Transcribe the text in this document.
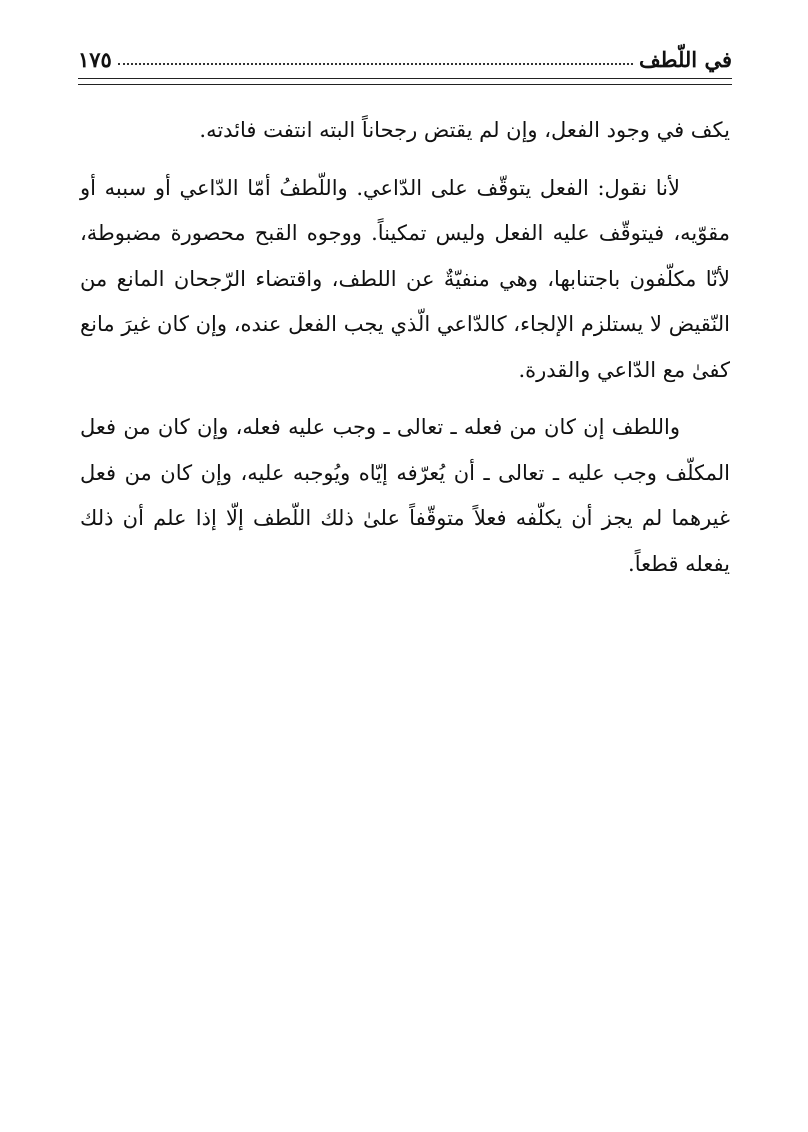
في اللّطف
١٧٥

يكف في وجود الفعل، وإن لم يقتض رجحاناً البته انتفت فائدته.

لأنا نقول: الفعل يتوقّف على الدّاعي. واللّطفُ أمّا الدّاعي أو سببه أو مقوّيه، فيتوقّف عليه الفعل وليس تمكيناً. ووجوه القبح محصورة مضبوطة، لأنّا مكلّفون باجتنابها، وهي منفيّةٌ عن اللطف، واقتضاء الرّجحان المانع من النّقيض لا يستلزم الإلجاء، كالدّاعي الّذي يجب الفعل عنده، وإن كان غيرَ مانع كفىٰ مع الدّاعي والقدرة.

واللطف إن كان من فعله ـ تعالى ـ وجب عليه فعله، وإن كان من فعل المكلّف وجب عليه ـ تعالى ـ أن يُعرّفه إيّاه ويُوجبه عليه، وإن كان من فعل غيرهما لم يجز أن يكلّفه فعلاً متوقّفاً علىٰ ذلك اللّطف إلّا إذا علم أن ذلك يفعله قطعاً.
